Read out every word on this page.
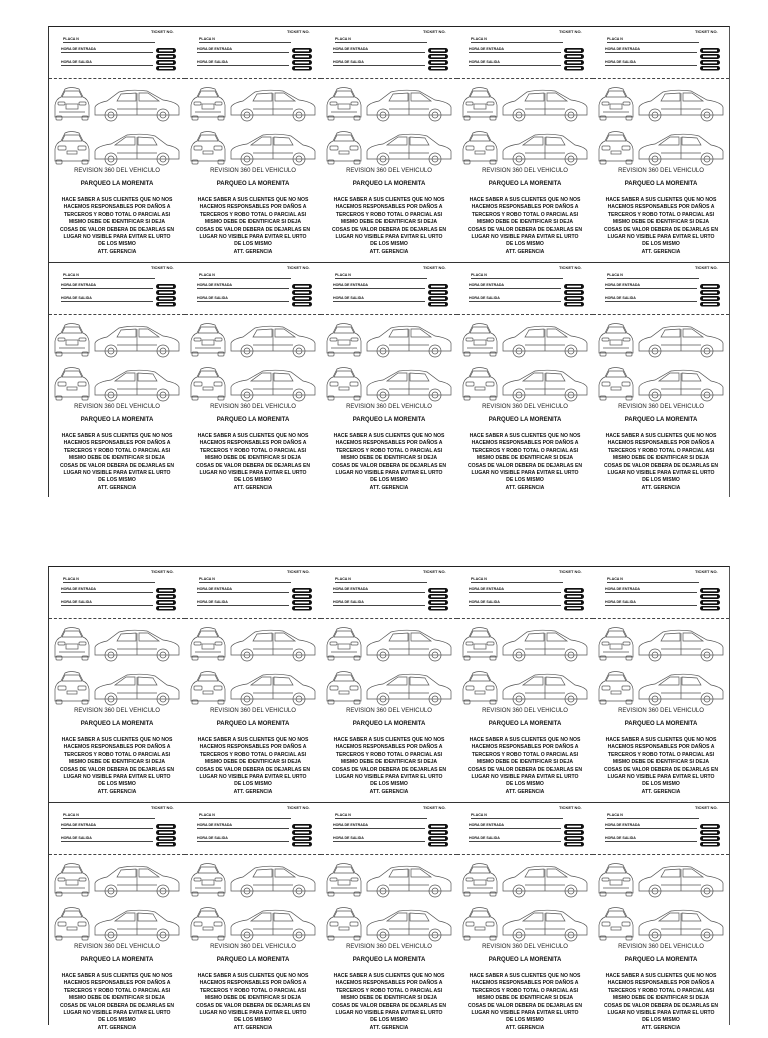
TICKET NO.
PLACA N
HORA DE ENTRADA
HORA DE SALIDA
REVISION 360 DEL VEHICULO
PARQUEO LA MORENITA
HACE SABER A SUS CLIENTES QUE NO NOS
HACEMOS RESPONSABLES POR DAÑOS A
TERCEROS Y ROBO TOTAL O PARCIAL ASI
MISMO DEBE DE IDENTIFICAR SI DEJA
COSAS DE VALOR DEBERA DE DEJARLAS EN
LUGAR NO VISIBLE PARA EVITAR EL URTO
DE LOS MISMO
ATT. GERENCIA
TICKET NO.
PLACA N
HORA DE ENTRADA
HORA DE SALIDA
REVISION 360 DEL VEHICULO
PARQUEO LA MORENITA
HACE SABER A SUS CLIENTES QUE NO NOS
HACEMOS RESPONSABLES POR DAÑOS A
TERCEROS Y ROBO TOTAL O PARCIAL ASI
MISMO DEBE DE IDENTIFICAR SI DEJA
COSAS DE VALOR DEBERA DE DEJARLAS EN
LUGAR NO VISIBLE PARA EVITAR EL URTO
DE LOS MISMO
ATT. GERENCIA
TICKET NO.
PLACA N
HORA DE ENTRADA
HORA DE SALIDA
REVISION 360 DEL VEHICULO
PARQUEO LA MORENITA
HACE SABER A SUS CLIENTES QUE NO NOS
HACEMOS RESPONSABLES POR DAÑOS A
TERCEROS Y ROBO TOTAL O PARCIAL ASI
MISMO DEBE DE IDENTIFICAR SI DEJA
COSAS DE VALOR DEBERA DE DEJARLAS EN
LUGAR NO VISIBLE PARA EVITAR EL URTO
DE LOS MISMO
ATT. GERENCIA
TICKET NO.
PLACA N
HORA DE ENTRADA
HORA DE SALIDA
REVISION 360 DEL VEHICULO
PARQUEO LA MORENITA
HACE SABER A SUS CLIENTES QUE NO NOS
HACEMOS RESPONSABLES POR DAÑOS A
TERCEROS Y ROBO TOTAL O PARCIAL ASI
MISMO DEBE DE IDENTIFICAR SI DEJA
COSAS DE VALOR DEBERA DE DEJARLAS EN
LUGAR NO VISIBLE PARA EVITAR EL URTO
DE LOS MISMO
ATT. GERENCIA
TICKET NO.
PLACA N
HORA DE ENTRADA
HORA DE SALIDA
REVISION 360 DEL VEHICULO
PARQUEO LA MORENITA
HACE SABER A SUS CLIENTES QUE NO NOS
HACEMOS RESPONSABLES POR DAÑOS A
TERCEROS Y ROBO TOTAL O PARCIAL ASI
MISMO DEBE DE IDENTIFICAR SI DEJA
COSAS DE VALOR DEBERA DE DEJARLAS EN
LUGAR NO VISIBLE PARA EVITAR EL URTO
DE LOS MISMO
ATT. GERENCIA
TICKET NO.
PLACA N
HORA DE ENTRADA
HORA DE SALIDA
REVISION 360 DEL VEHICULO
PARQUEO LA MORENITA
HACE SABER A SUS CLIENTES QUE NO NOS
HACEMOS RESPONSABLES POR DAÑOS A
TERCEROS Y ROBO TOTAL O PARCIAL ASI
MISMO DEBE DE IDENTIFICAR SI DEJA
COSAS DE VALOR DEBERA DE DEJARLAS EN
LUGAR NO VISIBLE PARA EVITAR EL URTO
DE LOS MISMO
ATT. GERENCIA
TICKET NO.
PLACA N
HORA DE ENTRADA
HORA DE SALIDA
REVISION 360 DEL VEHICULO
PARQUEO LA MORENITA
HACE SABER A SUS CLIENTES QUE NO NOS
HACEMOS RESPONSABLES POR DAÑOS A
TERCEROS Y ROBO TOTAL O PARCIAL ASI
MISMO DEBE DE IDENTIFICAR SI DEJA
COSAS DE VALOR DEBERA DE DEJARLAS EN
LUGAR NO VISIBLE PARA EVITAR EL URTO
DE LOS MISMO
ATT. GERENCIA
TICKET NO.
PLACA N
HORA DE ENTRADA
HORA DE SALIDA
REVISION 360 DEL VEHICULO
PARQUEO LA MORENITA
HACE SABER A SUS CLIENTES QUE NO NOS
HACEMOS RESPONSABLES POR DAÑOS A
TERCEROS Y ROBO TOTAL O PARCIAL ASI
MISMO DEBE DE IDENTIFICAR SI DEJA
COSAS DE VALOR DEBERA DE DEJARLAS EN
LUGAR NO VISIBLE PARA EVITAR EL URTO
DE LOS MISMO
ATT. GERENCIA
TICKET NO.
PLACA N
HORA DE ENTRADA
HORA DE SALIDA
REVISION 360 DEL VEHICULO
PARQUEO LA MORENITA
HACE SABER A SUS CLIENTES QUE NO NOS
HACEMOS RESPONSABLES POR DAÑOS A
TERCEROS Y ROBO TOTAL O PARCIAL ASI
MISMO DEBE DE IDENTIFICAR SI DEJA
COSAS DE VALOR DEBERA DE DEJARLAS EN
LUGAR NO VISIBLE PARA EVITAR EL URTO
DE LOS MISMO
ATT. GERENCIA
TICKET NO.
PLACA N
HORA DE ENTRADA
HORA DE SALIDA
REVISION 360 DEL VEHICULO
PARQUEO LA MORENITA
HACE SABER A SUS CLIENTES QUE NO NOS
HACEMOS RESPONSABLES POR DAÑOS A
TERCEROS Y ROBO TOTAL O PARCIAL ASI
MISMO DEBE DE IDENTIFICAR SI DEJA
COSAS DE VALOR DEBERA DE DEJARLAS EN
LUGAR NO VISIBLE PARA EVITAR EL URTO
DE LOS MISMO
ATT. GERENCIA
TICKET NO.
PLACA N
HORA DE ENTRADA
HORA DE SALIDA
REVISION 360 DEL VEHICULO
PARQUEO LA MORENITA
HACE SABER A SUS CLIENTES QUE NO NOS
HACEMOS RESPONSABLES POR DAÑOS A
TERCEROS Y ROBO TOTAL O PARCIAL ASI
MISMO DEBE DE IDENTIFICAR SI DEJA
COSAS DE VALOR DEBERA DE DEJARLAS EN
LUGAR NO VISIBLE PARA EVITAR EL URTO
DE LOS MISMO
ATT. GERENCIA
TICKET NO.
PLACA N
HORA DE ENTRADA
HORA DE SALIDA
REVISION 360 DEL VEHICULO
PARQUEO LA MORENITA
HACE SABER A SUS CLIENTES QUE NO NOS
HACEMOS RESPONSABLES POR DAÑOS A
TERCEROS Y ROBO TOTAL O PARCIAL ASI
MISMO DEBE DE IDENTIFICAR SI DEJA
COSAS DE VALOR DEBERA DE DEJARLAS EN
LUGAR NO VISIBLE PARA EVITAR EL URTO
DE LOS MISMO
ATT. GERENCIA
TICKET NO.
PLACA N
HORA DE ENTRADA
HORA DE SALIDA
REVISION 360 DEL VEHICULO
PARQUEO LA MORENITA
HACE SABER A SUS CLIENTES QUE NO NOS
HACEMOS RESPONSABLES POR DAÑOS A
TERCEROS Y ROBO TOTAL O PARCIAL ASI
MISMO DEBE DE IDENTIFICAR SI DEJA
COSAS DE VALOR DEBERA DE DEJARLAS EN
LUGAR NO VISIBLE PARA EVITAR EL URTO
DE LOS MISMO
ATT. GERENCIA
TICKET NO.
PLACA N
HORA DE ENTRADA
HORA DE SALIDA
REVISION 360 DEL VEHICULO
PARQUEO LA MORENITA
HACE SABER A SUS CLIENTES QUE NO NOS
HACEMOS RESPONSABLES POR DAÑOS A
TERCEROS Y ROBO TOTAL O PARCIAL ASI
MISMO DEBE DE IDENTIFICAR SI DEJA
COSAS DE VALOR DEBERA DE DEJARLAS EN
LUGAR NO VISIBLE PARA EVITAR EL URTO
DE LOS MISMO
ATT. GERENCIA
TICKET NO.
PLACA N
HORA DE ENTRADA
HORA DE SALIDA
REVISION 360 DEL VEHICULO
PARQUEO LA MORENITA
HACE SABER A SUS CLIENTES QUE NO NOS
HACEMOS RESPONSABLES POR DAÑOS A
TERCEROS Y ROBO TOTAL O PARCIAL ASI
MISMO DEBE DE IDENTIFICAR SI DEJA
COSAS DE VALOR DEBERA DE DEJARLAS EN
LUGAR NO VISIBLE PARA EVITAR EL URTO
DE LOS MISMO
ATT. GERENCIA
TICKET NO.
PLACA N
HORA DE ENTRADA
HORA DE SALIDA
REVISION 360 DEL VEHICULO
PARQUEO LA MORENITA
HACE SABER A SUS CLIENTES QUE NO NOS
HACEMOS RESPONSABLES POR DAÑOS A
TERCEROS Y ROBO TOTAL O PARCIAL ASI
MISMO DEBE DE IDENTIFICAR SI DEJA
COSAS DE VALOR DEBERA DE DEJARLAS EN
LUGAR NO VISIBLE PARA EVITAR EL URTO
DE LOS MISMO
ATT. GERENCIA
TICKET NO.
PLACA N
HORA DE ENTRADA
HORA DE SALIDA
REVISION 360 DEL VEHICULO
PARQUEO LA MORENITA
HACE SABER A SUS CLIENTES QUE NO NOS
HACEMOS RESPONSABLES POR DAÑOS A
TERCEROS Y ROBO TOTAL O PARCIAL ASI
MISMO DEBE DE IDENTIFICAR SI DEJA
COSAS DE VALOR DEBERA DE DEJARLAS EN
LUGAR NO VISIBLE PARA EVITAR EL URTO
DE LOS MISMO
ATT. GERENCIA
TICKET NO.
PLACA N
HORA DE ENTRADA
HORA DE SALIDA
REVISION 360 DEL VEHICULO
PARQUEO LA MORENITA
HACE SABER A SUS CLIENTES QUE NO NOS
HACEMOS RESPONSABLES POR DAÑOS A
TERCEROS Y ROBO TOTAL O PARCIAL ASI
MISMO DEBE DE IDENTIFICAR SI DEJA
COSAS DE VALOR DEBERA DE DEJARLAS EN
LUGAR NO VISIBLE PARA EVITAR EL URTO
DE LOS MISMO
ATT. GERENCIA
TICKET NO.
PLACA N
HORA DE ENTRADA
HORA DE SALIDA
REVISION 360 DEL VEHICULO
PARQUEO LA MORENITA
HACE SABER A SUS CLIENTES QUE NO NOS
HACEMOS RESPONSABLES POR DAÑOS A
TERCEROS Y ROBO TOTAL O PARCIAL ASI
MISMO DEBE DE IDENTIFICAR SI DEJA
COSAS DE VALOR DEBERA DE DEJARLAS EN
LUGAR NO VISIBLE PARA EVITAR EL URTO
DE LOS MISMO
ATT. GERENCIA
TICKET NO.
PLACA N
HORA DE ENTRADA
HORA DE SALIDA
REVISION 360 DEL VEHICULO
PARQUEO LA MORENITA
HACE SABER A SUS CLIENTES QUE NO NOS
HACEMOS RESPONSABLES POR DAÑOS A
TERCEROS Y ROBO TOTAL O PARCIAL ASI
MISMO DEBE DE IDENTIFICAR SI DEJA
COSAS DE VALOR DEBERA DE DEJARLAS EN
LUGAR NO VISIBLE PARA EVITAR EL URTO
DE LOS MISMO
ATT. GERENCIA
